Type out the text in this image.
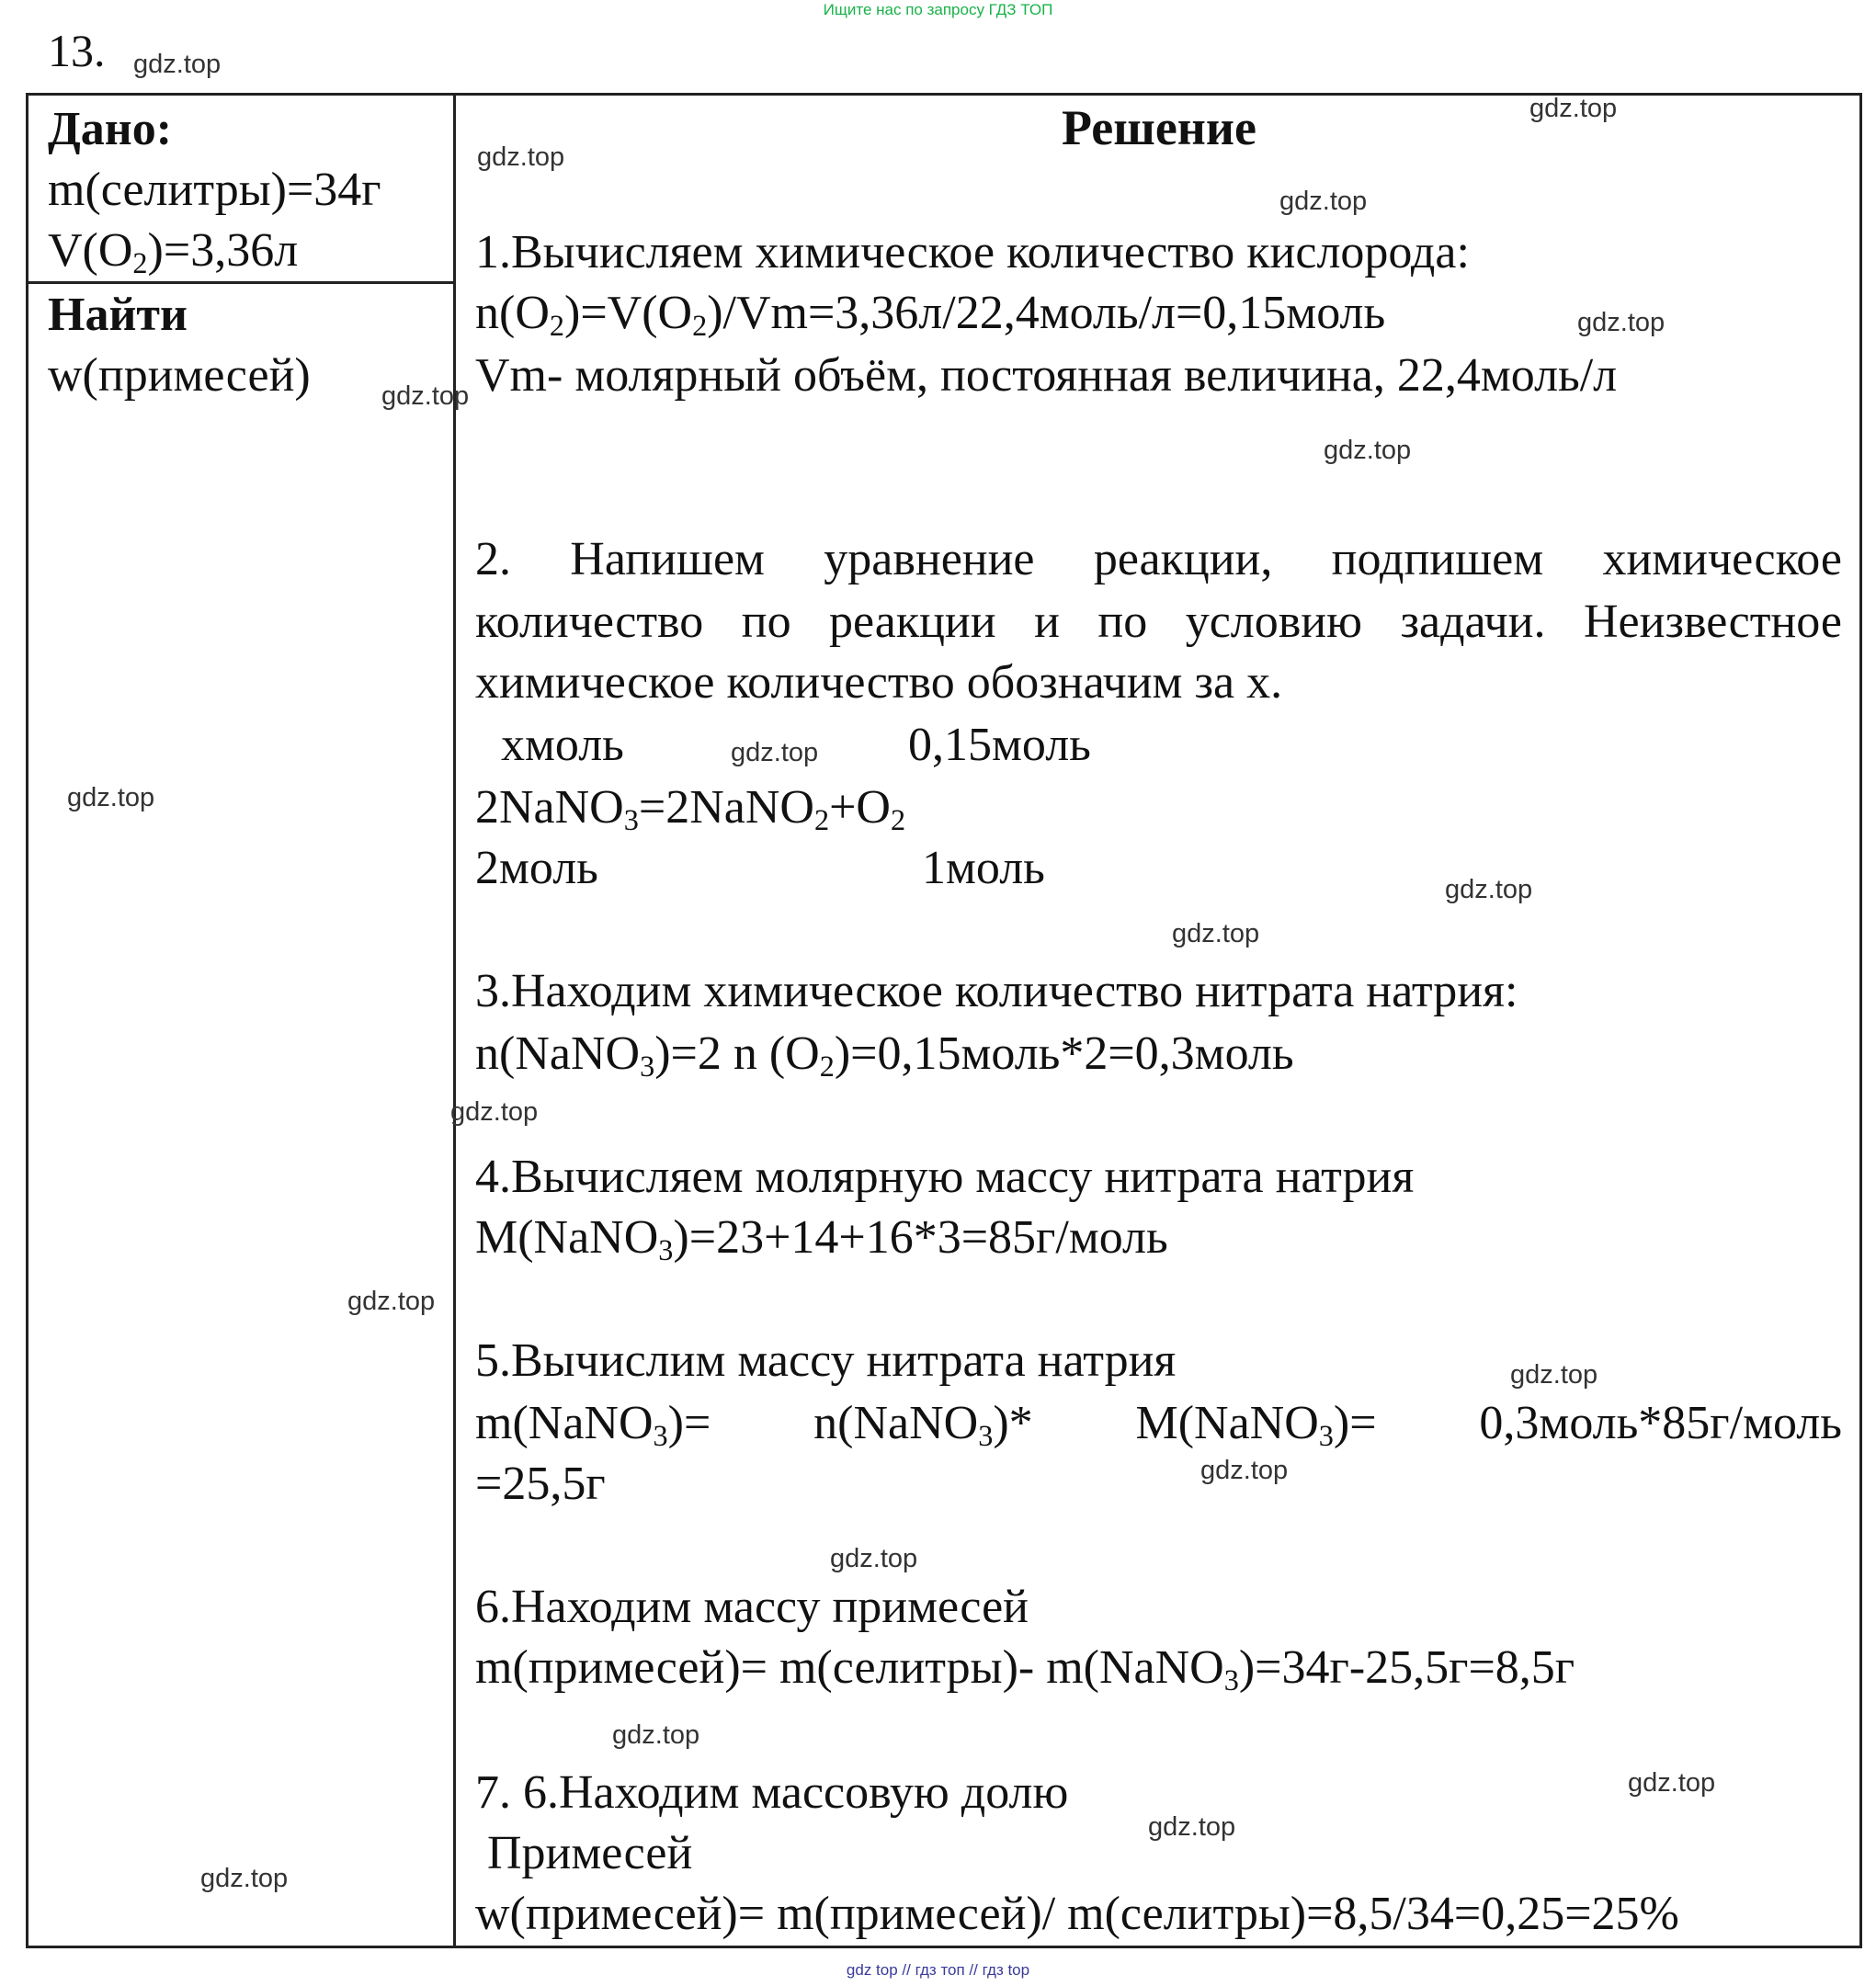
Ищите нас по запросу ГДЗ ТОП
13.
Дано:
m(селитры)=34г
$V(O_2)=3,36л$
Найти
w(примесей)
Решение
1.Вычисляем химическое количество кислорода:
$n(O_2)=V(O_2)/Vm=3,36л/22,4моль/л=0,15моль$
Vm- молярный объём, постоянная величина, 22,4моль/л
2. Напишем уравнение реакции, подпишем химическое
количество по реакции и по условию задачи. Неизвестное
химическое количество обозначим за х.
хмоль	0,15моль
$2NaNO_3=2NaNO_2+O_2$
2моль	1моль
3.Находим химическое количество нитрата натрия:
n(NaNO$_3$)=2 n $(O_2)=0,15моль*2=0,3моль$
4.Вычисляем молярную массу нитрата натрия
M(NaNO$_3$)=23+14+16*3=85г/моль
5.Вычислим массу нитрата натрия
m(NaNO$_3$)= n(NaNO$_3$)* M(NaNO$_3$)= 0,3моль*85г/моль
=25,5г
6.Находим массу примесей
m(примесей)= m(селитры)- m(NaNO$_3$)=34г-25,5г=8,5г
7. 6.Находим массовую долю
Примесей
w(примесей)= m(примесей)/ m(селитры)=8,5/34=0,25=25%
gdz.top
gdz.top
gdz.top
gdz.top
gdz.top
gdz.top
gdz.top
gdz.top
gdz.top
gdz.top
gdz.top
gdz.top
gdz.top
gdz.top
gdz.top
gdz.top
gdz.top
gdz.top
gdz.top
gdz.top
gdz top // гдз топ // гдз top
